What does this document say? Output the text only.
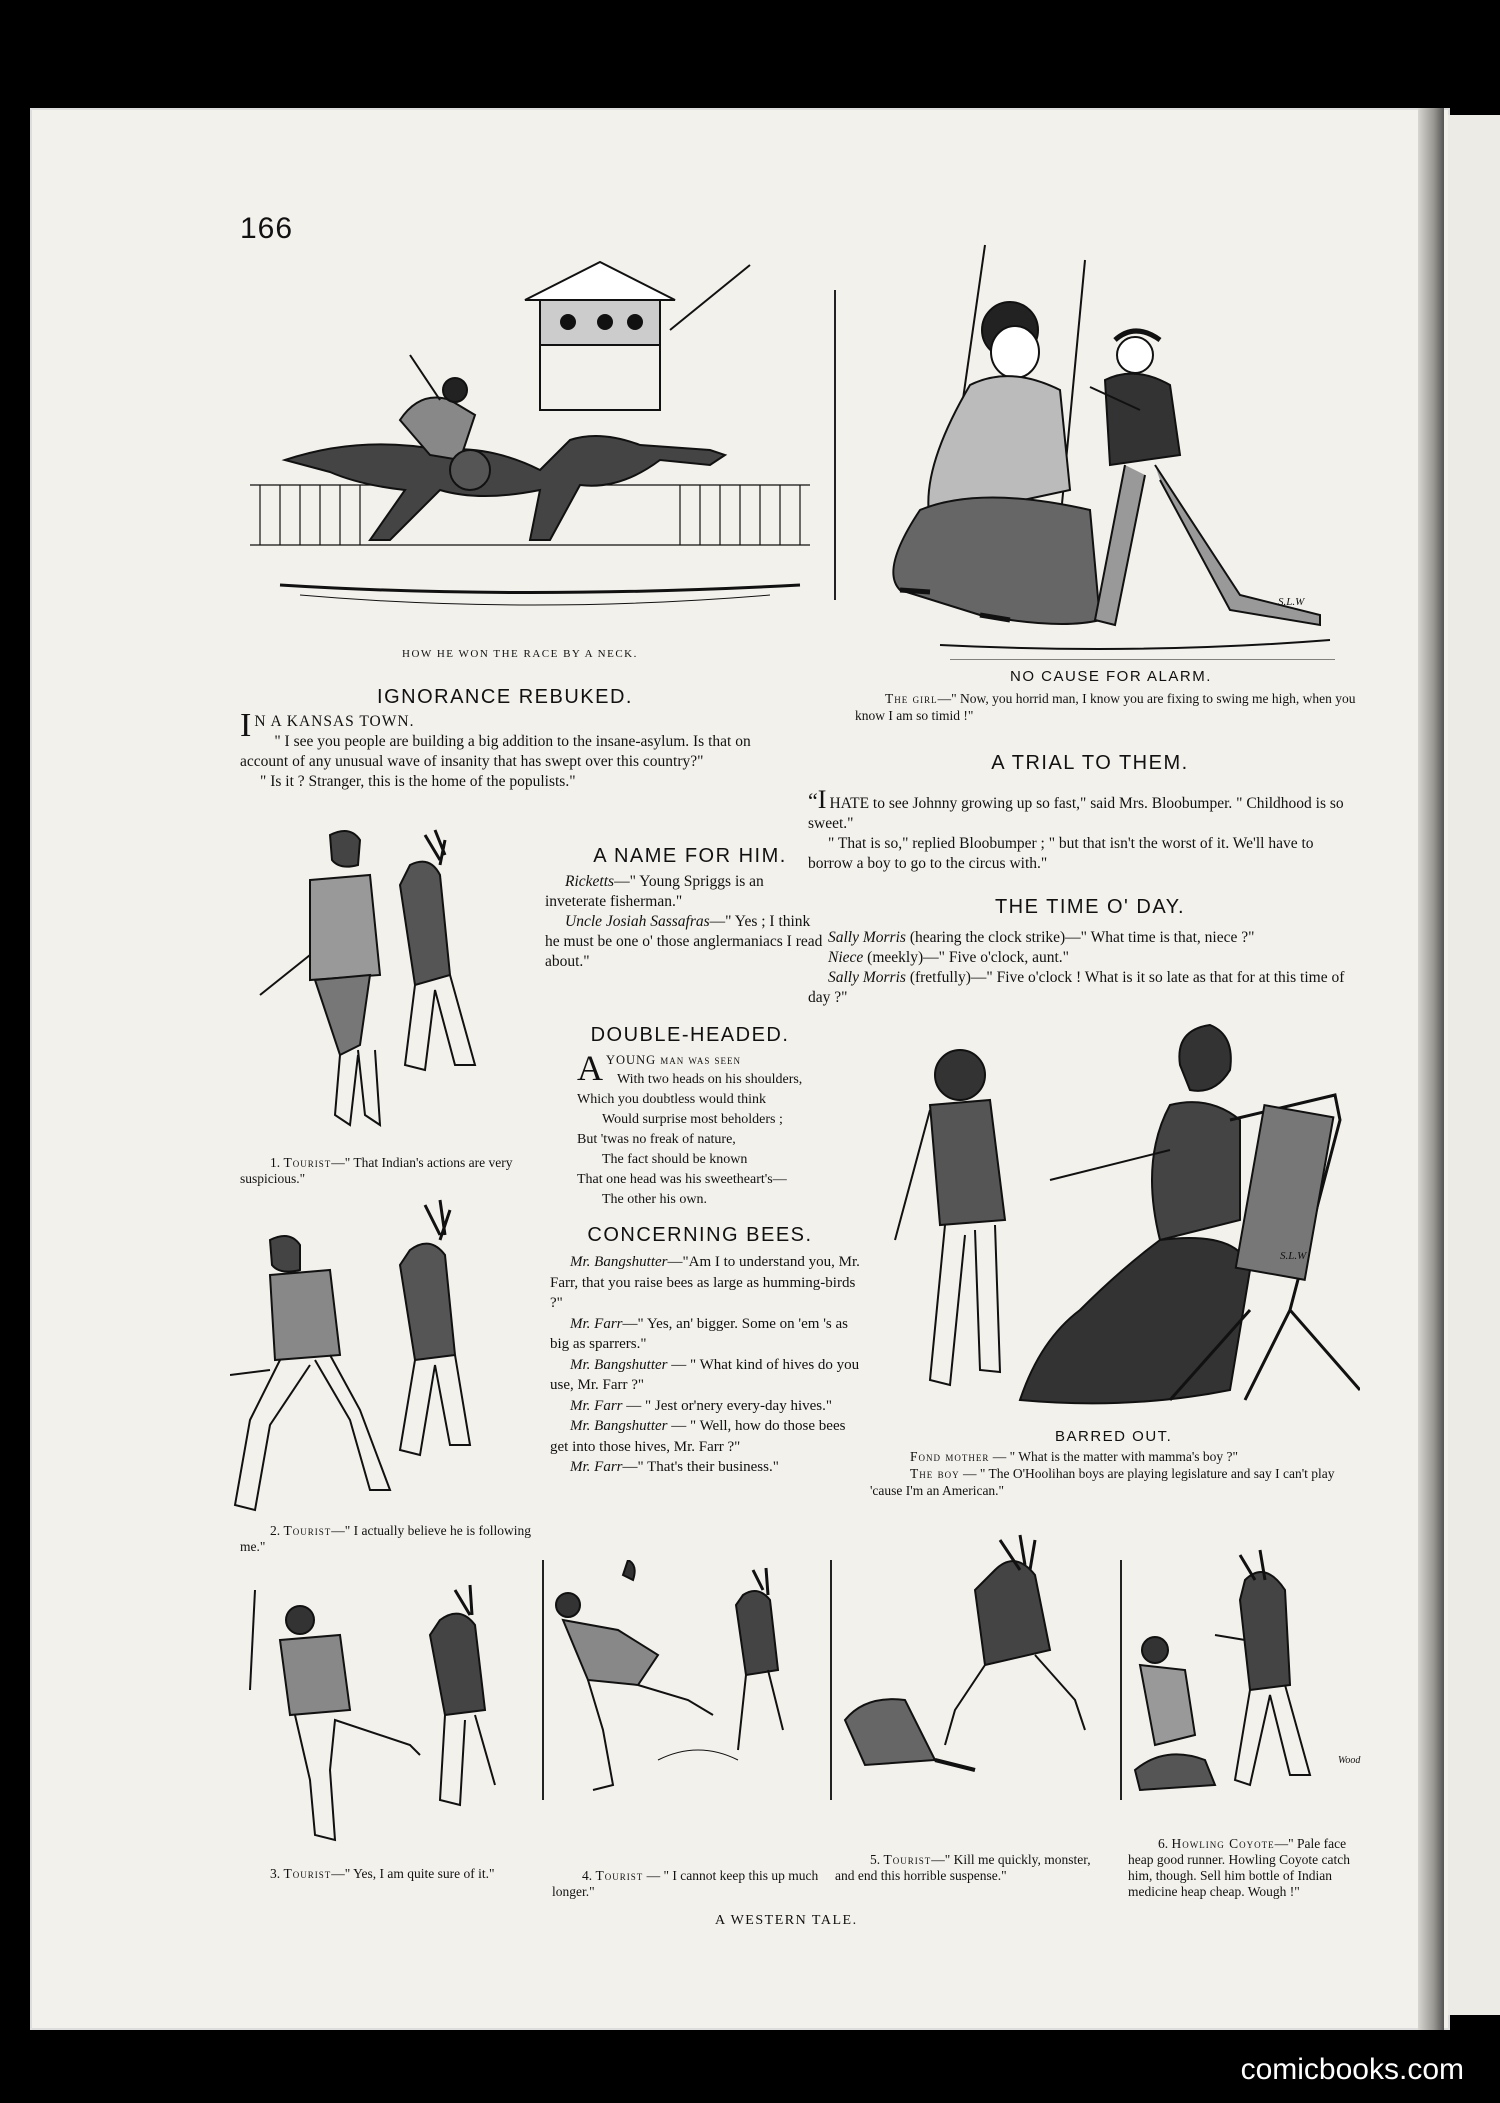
166
HOW HE WON THE RACE BY A NECK.
S.L.W
NO CAUSE FOR ALARM.
The girl—" Now, you horrid man, I know you are fixing to swing me high, when you know I am so timid !"
IGNORANCE REBUKED.
I N A KANSAS TOWN.

" I see you people are building a big addition to the insane-asylum. Is that on account of any unusual wave of insanity that has swept over this country?"

" Is it ? Stranger, this is the home of the populists."

A TRIAL TO THEM.

“I HATE to see Johnny growing up so fast," said Mrs. Bloobumper. " Childhood is so sweet."

" That is so," replied Bloobumper ; " but that isn't the worst of it. We'll have to borrow a boy to go to the circus with."

A NAME FOR HIM.

Ricketts—" Young Spriggs is an inveterate fisherman."

Uncle Josiah Sassafras—" Yes ; I think he must be one o' those anglermaniacs I read about."

THE TIME O' DAY.

Sally Morris (hearing the clock strike)—" What time is that, niece ?"

Niece (meekly)—" Five o'clock, aunt."

Sally Morris (fretfully)—" Five o'clock ! What is it so late as that for at this time of day ?"

1. Tourist—" That Indian's actions are very suspicious."
DOUBLE-HEADED.
A YOUNG man was seen
With two heads on his shoulders,
Which you doubtless would think
Would surprise most beholders ;
But 'twas no freak of nature,
The fact should be known
That one head was his sweetheart's—
The other his own.
CONCERNING BEES.

Mr. Bangshutter—"Am I to understand you, Mr. Farr, that you raise bees as large as humming-birds ?"

Mr. Farr—" Yes, an' bigger. Some on 'em 's as big as sparrers."

Mr. Bangshutter — " What kind of hives do you use, Mr. Farr ?"

Mr. Farr — " Jest or'nery every-day hives."

Mr. Bangshutter — " Well, how do those bees get into those hives, Mr. Farr ?"

Mr. Farr—" That's their business."

2. Tourist—" I actually believe he is following me."
S.L.W
BARRED OUT.

Fond mother — " What is the matter with mamma's boy ?"

The boy — " The O'Hoolihan boys are playing legislature and say I can't play 'cause I'm an American."

3. Tourist—" Yes, I am quite sure of it."	4. Tourist — " I cannot keep this up much longer."
5. Tourist—" Kill me quickly, monster, and end this horrible suspense."
Wood
6. Howling Coyote—" Pale face heap good runner. Howling Coyote catch him, though. Sell him bottle of Indian medicine heap cheap. Wough !"
A WESTERN TALE.
comicbooks.com
